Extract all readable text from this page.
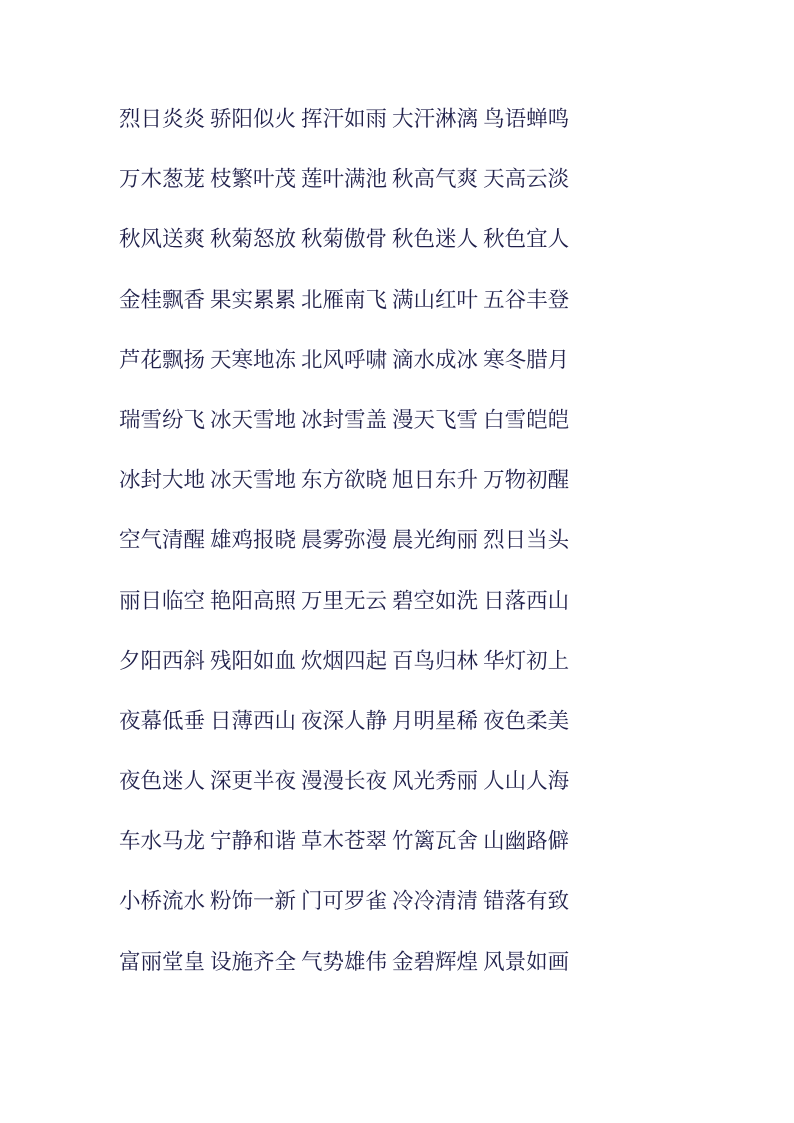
烈日炎炎 骄阳似火 挥汗如雨 大汗淋漓 鸟语蝉鸣
万木葱茏 枝繁叶茂 莲叶满池 秋高气爽 天高云淡
秋风送爽 秋菊怒放 秋菊傲骨 秋色迷人 秋色宜人
金桂飘香 果实累累 北雁南飞 满山红叶 五谷丰登
芦花飘扬 天寒地冻 北风呼啸 滴水成冰 寒冬腊月
瑞雪纷飞 冰天雪地 冰封雪盖 漫天飞雪 白雪皑皑
冰封大地 冰天雪地 东方欲晓 旭日东升 万物初醒
空气清醒 雄鸡报晓 晨雾弥漫 晨光绚丽 烈日当头
丽日临空 艳阳高照 万里无云 碧空如洗 日落西山
夕阳西斜 残阳如血 炊烟四起 百鸟归林 华灯初上
夜幕低垂 日薄西山 夜深人静 月明星稀 夜色柔美
夜色迷人 深更半夜 漫漫长夜 风光秀丽 人山人海
车水马龙 宁静和谐 草木苍翠 竹篱瓦舍 山幽路僻
小桥流水 粉饰一新 门可罗雀 冷冷清清 错落有致
富丽堂皇 设施齐全 气势雄伟 金碧辉煌 风景如画
